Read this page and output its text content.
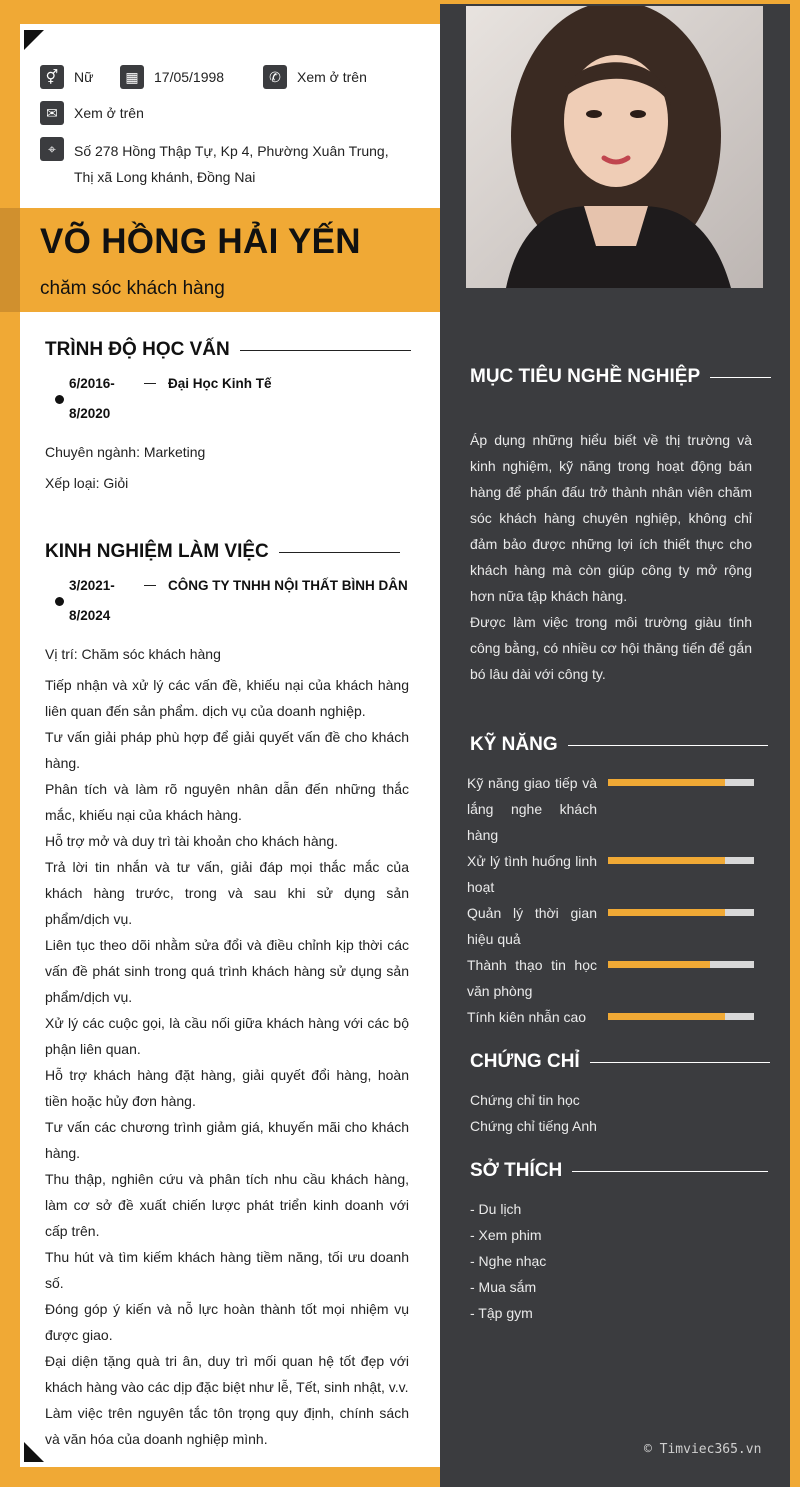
⚥	Nữ	▦	17/05/1998	✆	Xem ở trên
✉	Xem ở trên
⌖	Số 278 Hồng Thập Tự, Kp 4, Phường Xuân Trung,
Thị xã Long khánh, Đồng Nai
VÕ HỒNG HẢI YẾN
chăm sóc khách hàng
TRÌNH ĐỘ HỌC VẤN
6/2016-
8/2020
Đại Học Kinh Tế
Chuyên ngành: Marketing
Xếp loại: Giỏi
KINH NGHIỆM LÀM VIỆC
3/2021-
8/2024
CÔNG TY TNHH NỘI THẤT BÌNH DÂN
Vị trí: Chăm sóc khách hàng
Tiếp nhận và xử lý các vấn đề, khiếu nại của khách hàng liên quan đến sản phẩm. dịch vụ của doanh nghiệp.
Tư vấn giải pháp phù hợp để giải quyết vấn đề cho khách hàng.
Phân tích và làm rõ nguyên nhân dẫn đến những thắc mắc, khiếu nại của khách hàng.
Hỗ trợ mở và duy trì tài khoản cho khách hàng.
Trả lời tin nhắn và tư vấn, giải đáp mọi thắc mắc của khách hàng trước, trong và sau khi sử dụng sản phẩm/dịch vụ.
Liên tục theo dõi nhằm sửa đổi và điều chỉnh kịp thời các vấn đề phát sinh trong quá trình khách hàng sử dụng sản phẩm/dịch vụ.
Xử lý các cuộc gọi, là cầu nối giữa khách hàng với các bộ phận liên quan.
Hỗ trợ khách hàng đặt hàng, giải quyết đổi hàng, hoàn tiền hoặc hủy đơn hàng.
Tư vấn các chương trình giảm giá, khuyến mãi cho khách hàng.
Thu thập, nghiên cứu và phân tích nhu cầu khách hàng, làm cơ sở đề xuất chiến lược phát triển kinh doanh với cấp trên.
Thu hút và tìm kiếm khách hàng tiềm năng, tối ưu doanh số.
Đóng góp ý kiến và nỗ lực hoàn thành tốt mọi nhiệm vụ được giao.
Đại diện tặng quà tri ân, duy trì mối quan hệ tốt đẹp với khách hàng vào các dịp đặc biệt như lễ, Tết, sinh nhật, v.v.
Làm việc trên nguyên tắc tôn trọng quy định, chính sách và văn hóa của doanh nghiệp mình.
MỤC TIÊU NGHỀ NGHIỆP
Áp dụng những hiểu biết về thị trường và kinh nghiệm, kỹ năng trong hoạt động bán hàng để phấn đấu trở thành nhân viên chăm sóc khách hàng chuyên nghiệp, không chỉ đảm bảo được những lợi ích thiết thực cho khách hàng mà còn giúp công ty mở rộng hơn nữa tập khách hàng.
Được làm việc trong môi trường giàu tính công bằng, có nhiều cơ hội thăng tiến để gắn bó lâu dài với công ty.
KỸ NĂNG
Kỹ năng giao tiếp và lắng nghe khách hàng
Xử lý tình huống linh hoạt
Quản lý thời gian hiệu quả
Thành thạo tin học văn phòng
Tính kiên nhẫn cao
CHỨNG CHỈ
Chứng chỉ tin học
Chứng chỉ tiếng Anh
SỞ THÍCH
- Du lịch
- Xem phim
- Nghe nhạc
- Mua sắm
- Tập gym
© Timviec365.vn
